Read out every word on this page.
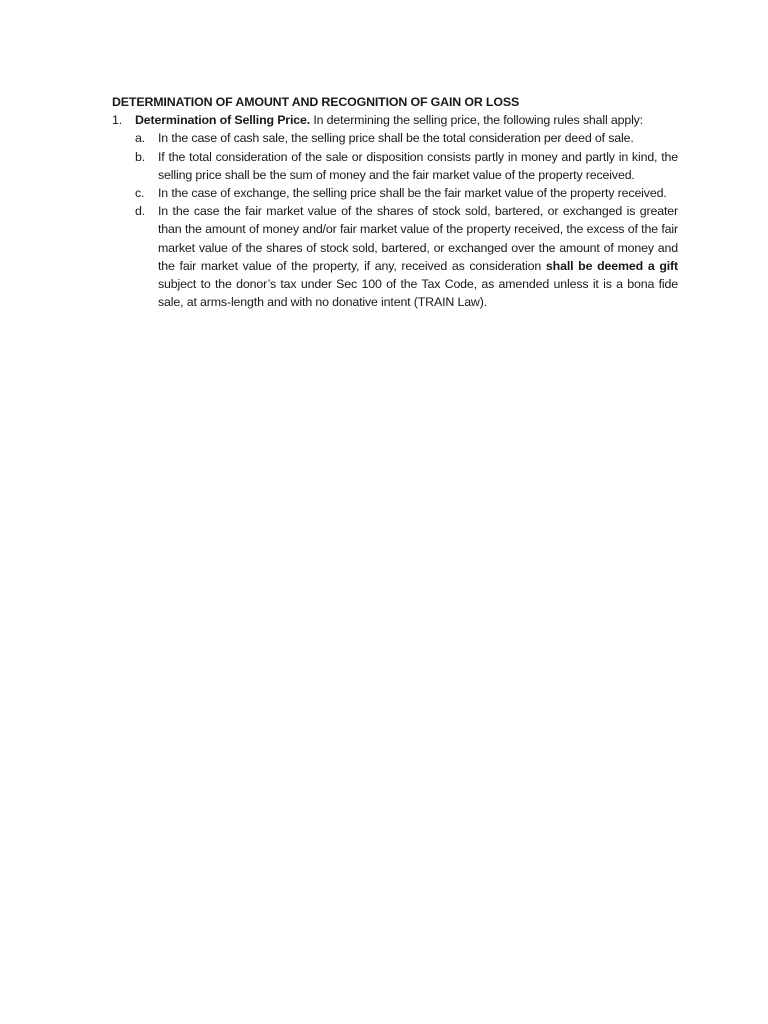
DETERMINATION OF AMOUNT AND RECOGNITION OF GAIN OR LOSS
1. Determination of Selling Price. In determining the selling price, the following rules shall apply:
a. In the case of cash sale, the selling price shall be the total consideration per deed of sale.
b. If the total consideration of the sale or disposition consists partly in money and partly in kind, the selling price shall be the sum of money and the fair market value of the property received.
c. In the case of exchange, the selling price shall be the fair market value of the property received.
d. In the case the fair market value of the shares of stock sold, bartered, or exchanged is greater than the amount of money and/or fair market value of the property received, the excess of the fair market value of the shares of stock sold, bartered, or exchanged over the amount of money and the fair market value of the property, if any, received as consideration shall be deemed a gift subject to the donor’s tax under Sec 100 of the Tax Code, as amended unless it is a bona fide sale, at arms-length and with no donative intent (TRAIN Law).
